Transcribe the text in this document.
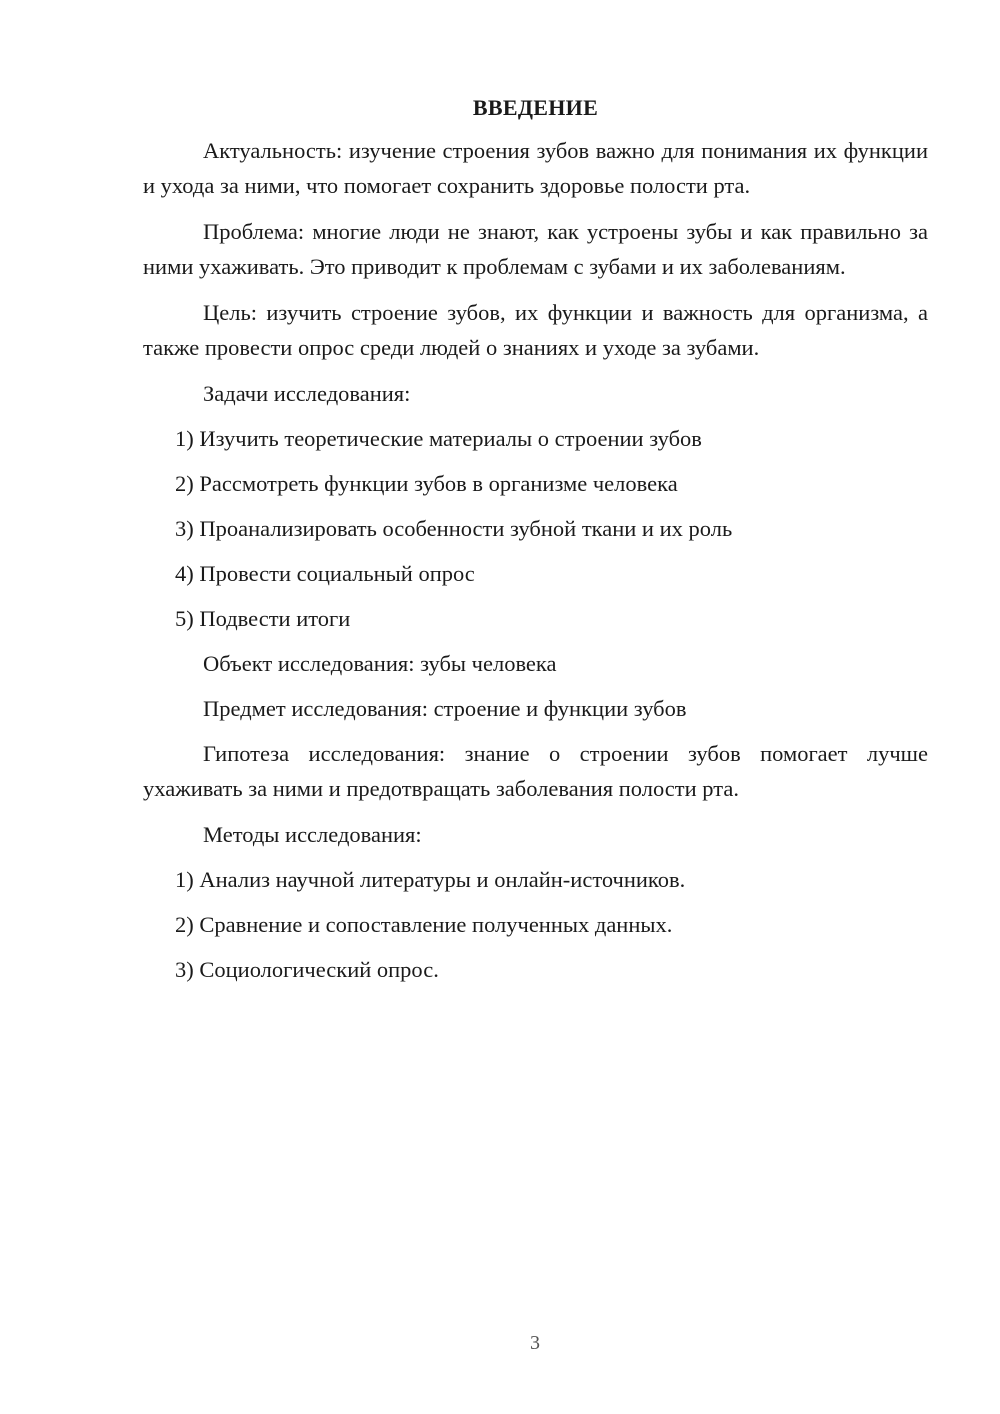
ВВЕДЕНИЕ

Актуальность: изучение строения зубов важно для понимания их функции и ухода за ними, что помогает сохранить здоровье полости рта.

Проблема: многие люди не знают, как устроены зубы и как правильно за ними ухаживать. Это приводит к проблемам с зубами и их заболеваниям.

Цель: изучить строение зубов, их функции и важность для организма, а также провести опрос среди людей о знаниях и уходе за зубами.

Задачи исследования:
1) Изучить теоретические материалы о строении зубов
2) Рассмотреть функции зубов в организме человека
3) Проанализировать особенности зубной ткани и их роль
4) Провести социальный опрос
5) Подвести итоги
Объект исследования: зубы человека
Предмет исследования: строение и функции зубов

Гипотеза исследования: знание о строении зубов помогает лучше ухаживать за ними и предотвращать заболевания полости рта.

Методы исследования:
1) Анализ научной литературы и онлайн-источников.
2) Сравнение и сопоставление полученных данных.
3) Социологический опрос.
3
